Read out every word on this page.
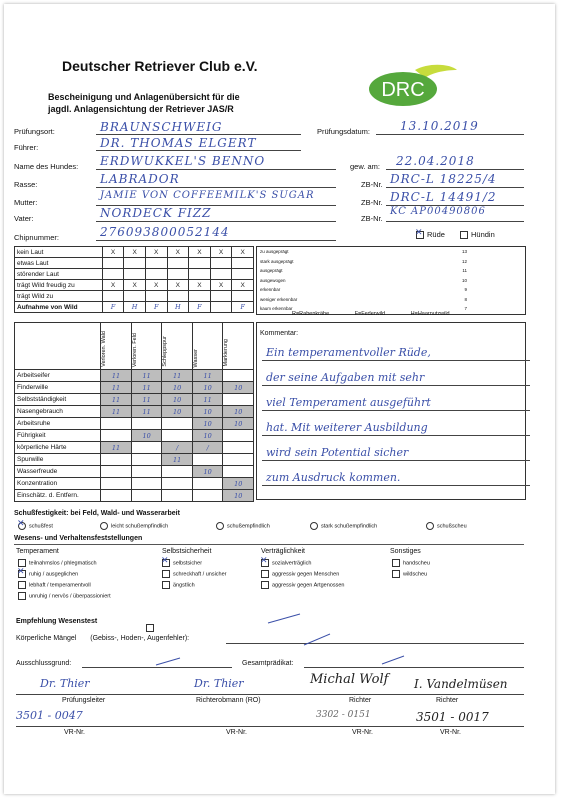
Deutscher Retriever Club e.V.
Bescheinigung und Anlagenübersicht für die
jagdl. Anlagensichtung der Retriever JAS/R
DRC
Prüfungsort:	BRAUNSCHWEIG	Prüfungsdatum:	13.10.2019
Führer:	DR. THOMAS ELGERT
Name des Hundes: ERDWUKKEL'S BENNO	gew. am: 22.04.2018
Rasse:	LABRADOR	ZB-Nr. DRC-L 18225/4
Mutter:
JAMIE VON COFFEEMILK'S SUGAR
ZB-Nr. DRC-L 14491/2
Vater:	NORDECK FIZZ	ZB-Nr.
KC AP00490806
Chipnummer:	276093800052144 ✕	Rüde	Hündin
kein Laut	X	X	X	X	X	X	X
etwas Laut							
störender Laut							
trägt Wild freudig zu	X	X	X	X	X	X	X
trägt Wild zu							
Aufnahme von Wild	F	H	F	H	F		F
zu ausgeprägt	13
stark ausgeprägt	12
ausgeprägt	11
ausgewogen	10
erkennbar	9
weniger erkennbar	8
kaum erkennbar	7
R=Rabenkrähe	F=Federwild	H=Haarnutzwild

	Verloren. Wald	Verloren. Feld	Schleppspur	Wasser	Markierung

Arbeitseifer	11	11	11	11	
Finderwille	11	11	10	10	10
Selbstständigkeit	11	11	10	11	
Nasengebrauch	11	11	10	10	10
Arbeitsruhe				10	10
Führigkeit		10		10	
körperliche Härte	11		/	/	
Spurwille			11		
Wasserfreude				10	
Konzentration					10
Einschätz. d. Entfern.					10
Kommentar:
Ein temperamentvoller Rüde,
der seine Aufgaben mit sehr
viel Temperament ausgeführt
hat. Mit weiterer Ausbildung
wird sein Potential sicher
zum Ausdruck kommen.
Schußfestigkeit: bei Feld, Wald- und Wasserarbeit
✕schußfest	leicht schußempfindlich	schußempfindlich	stark schußempfindlich	schußscheu
Wesens- und Verhaltensfeststellungen
Temperament	Selbstsicherheit	Verträglichkeit	Sonstiges
teilnahmslos / phlegmatisch
✕ruhig / ausgeglichen
lebhaft / temperamentvoll
unruhig / nervös / überpassioniert
✕selbstsicher
schreckhaft / unsicher
ängstlich
✕sozialverträglich
aggressiv gegen Menschen
aggressiv gegen Artgenossen
handscheu
wildscheu
Empfehlung Wesenstest
Körperliche Mängel (Gebiss-, Hoden-, Augenfehler):
Ausschlussgrund:	Gesamtprädikat:
Dr. Thier	Dr. Thier	Michal Wolf I. Vandelmüsen
Prüfungsleiter	Richterobmann (RO)	Richter	Richter
3501 - 0047	3302 - 0151	3501 - 0017
VR-Nr.	VR-Nr.	VR-Nr.	VR-Nr.
